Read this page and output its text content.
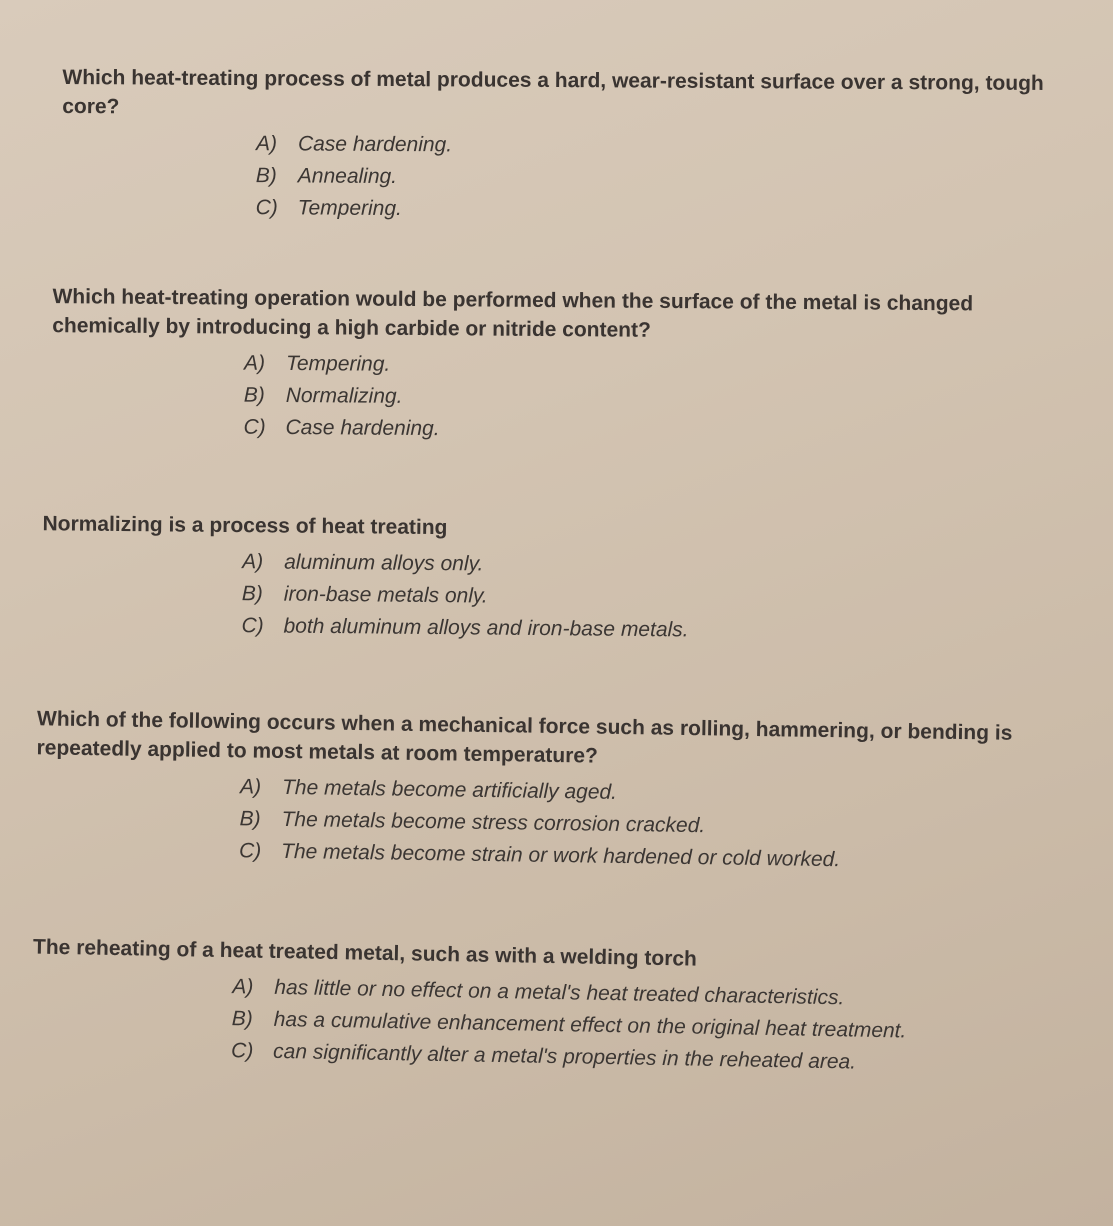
Which heat-treating process of metal produces a hard, wear-resistant surface over a strong, tough core?

A) Case hardening.
B) Annealing.
C) Tempering.

Which heat-treating operation would be performed when the surface of the metal is changed chemically by introducing a high carbide or nitride content?

A) Tempering.
B) Normalizing.
C) Case hardening.

Normalizing is a process of heat treating

A) aluminum alloys only.
B) iron-base metals only.
C) both aluminum alloys and iron-base metals.

Which of the following occurs when a mechanical force such as rolling, hammering, or bending is repeatedly applied to most metals at room temperature?

A) The metals become artificially aged.
B) The metals become stress corrosion cracked.
C) The metals become strain or work hardened or cold worked.

The reheating of a heat treated metal, such as with a welding torch

A) has little or no effect on a metal's heat treated characteristics.
B) has a cumulative enhancement effect on the original heat treatment.
C) can significantly alter a metal's properties in the reheated area.
